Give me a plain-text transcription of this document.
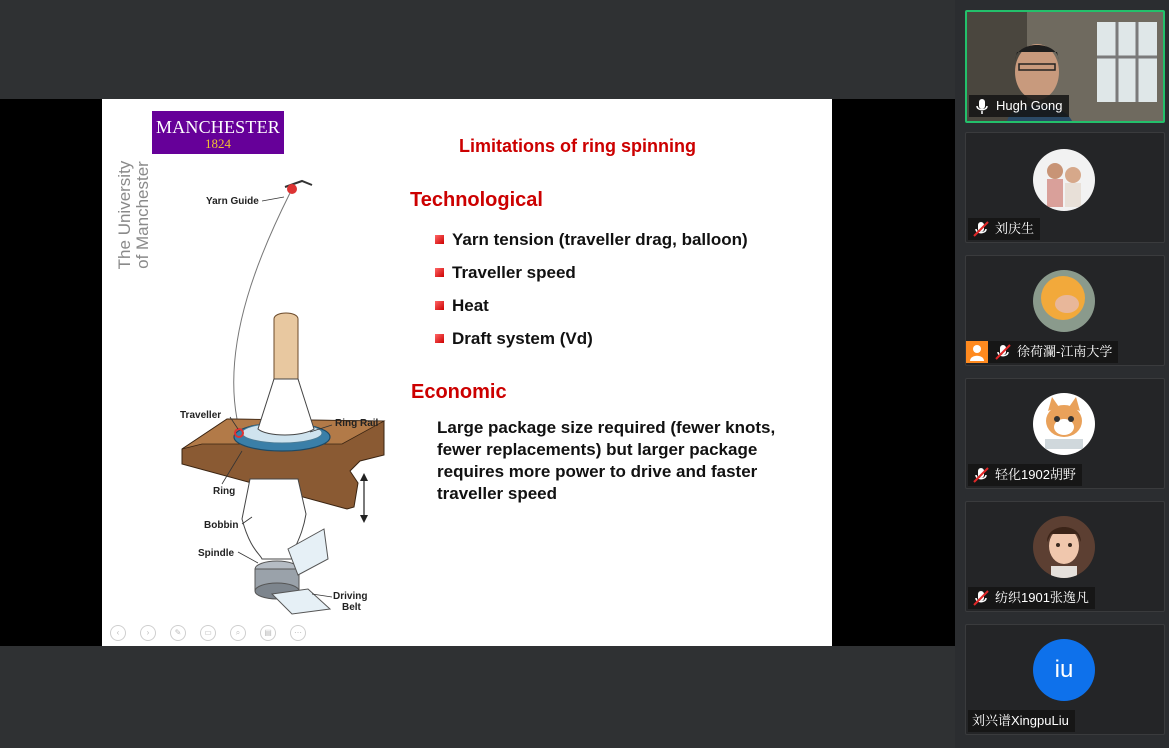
MANCHESTER
1824
The University of Manchester	Yarn Guide
Traveller
Ring Rail
Ring
Bobbin
Spindle
Driving
Belt
Limitations of ring spinning
Technological
Yarn tension (traveller drag, balloon)
Traveller speed
Heat
Draft system (Vd)
Economic
Large package size required (fewer knots, fewer replacements) but larger package requires more power to drive and faster traveller speed
‹	›	✎	▭	⌕	▤	⋯
Hugh Gong
刘庆生
徐荷瀾-江南大学
轻化1902胡野
纺织1901张逸凡
iu
刘兴谱XingpuLiu
